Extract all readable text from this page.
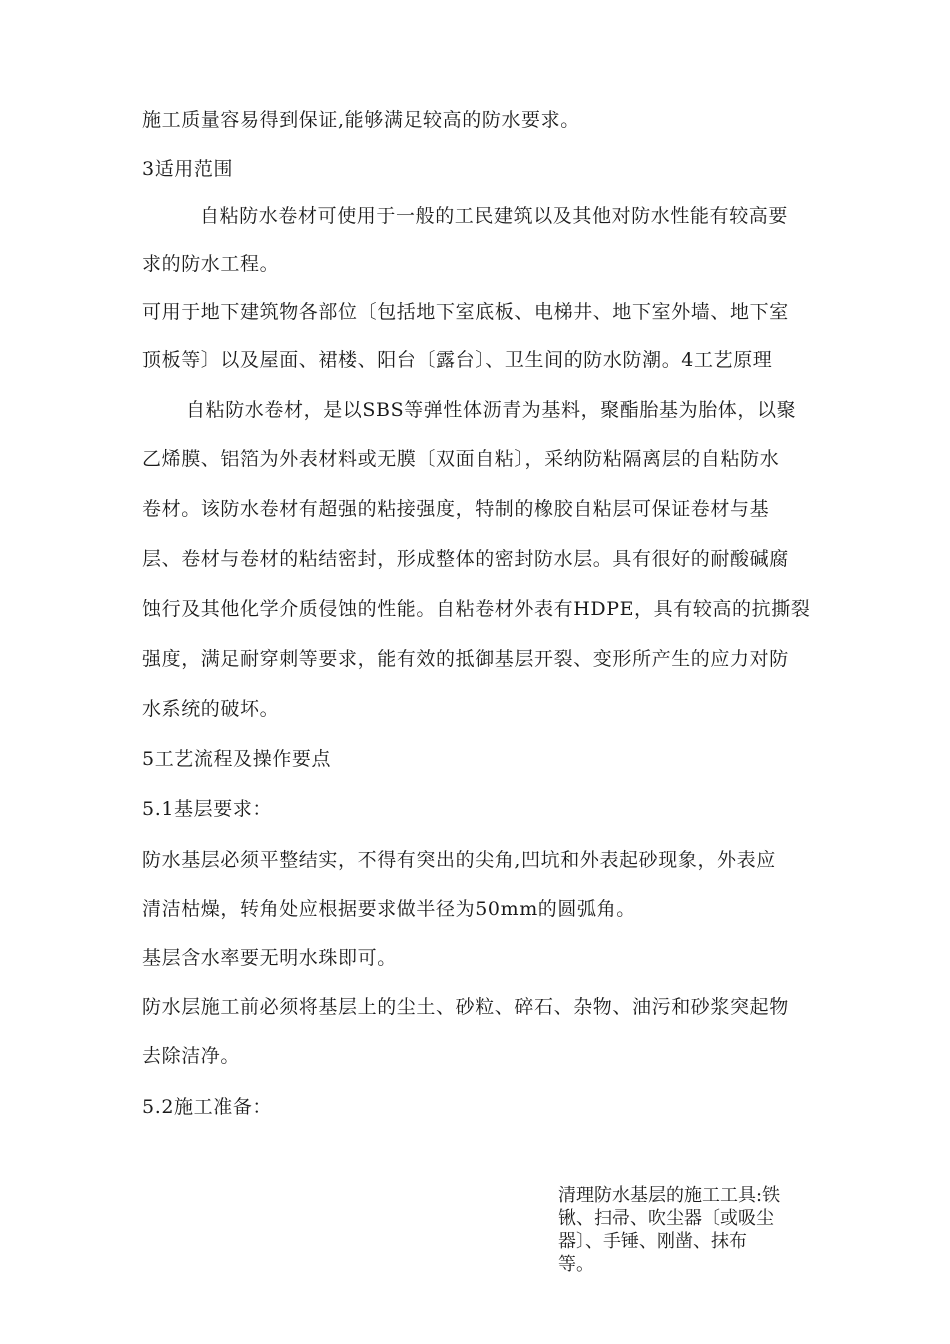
施工质量容易得到保证,能够满足较高的防水要求。
3适用范围
自粘防水卷材可使用于一般的工民建筑以及其他对防水性能有较高要
求的防水工程。
可用于地下建筑物各部位〔包括地下室底板、电梯井、地下室外墙、地下室
顶板等〕以及屋面、裙楼、阳台〔露台〕、卫生间的防水防潮。4工艺原理
自粘防水卷材，是以SBS等弹性体沥青为基料，聚酯胎基为胎体，以聚
乙烯膜、铝箔为外表材料或无膜〔双面自粘〕，采纳防粘隔离层的自粘防水
卷材。该防水卷材有超强的粘接强度，特制的橡胶自粘层可保证卷材与基
层、卷材与卷材的粘结密封，形成整体的密封防水层。具有很好的耐酸碱腐
蚀行及其他化学介质侵蚀的性能。自粘卷材外表有HDPE，具有较高的抗撕裂
强度，满足耐穿刺等要求，能有效的抵御基层开裂、变形所产生的应力对防
水系统的破坏。
5工艺流程及操作要点
5.1基层要求：
防水基层必须平整结实，不得有突出的尖角,凹坑和外表起砂现象，外表应
清洁枯燥，转角处应根据要求做半径为50mm的圆弧角。
基层含水率要无明水珠即可。
防水层施工前必须将基层上的尘土、砂粒、碎石、杂物、油污和砂浆突起物
去除洁净。
5.2施工准备：
清理防水基层的施工工具:铁
锹、扫帚、吹尘器〔或吸尘
器〕、手锤、刚凿、抹布
等。
